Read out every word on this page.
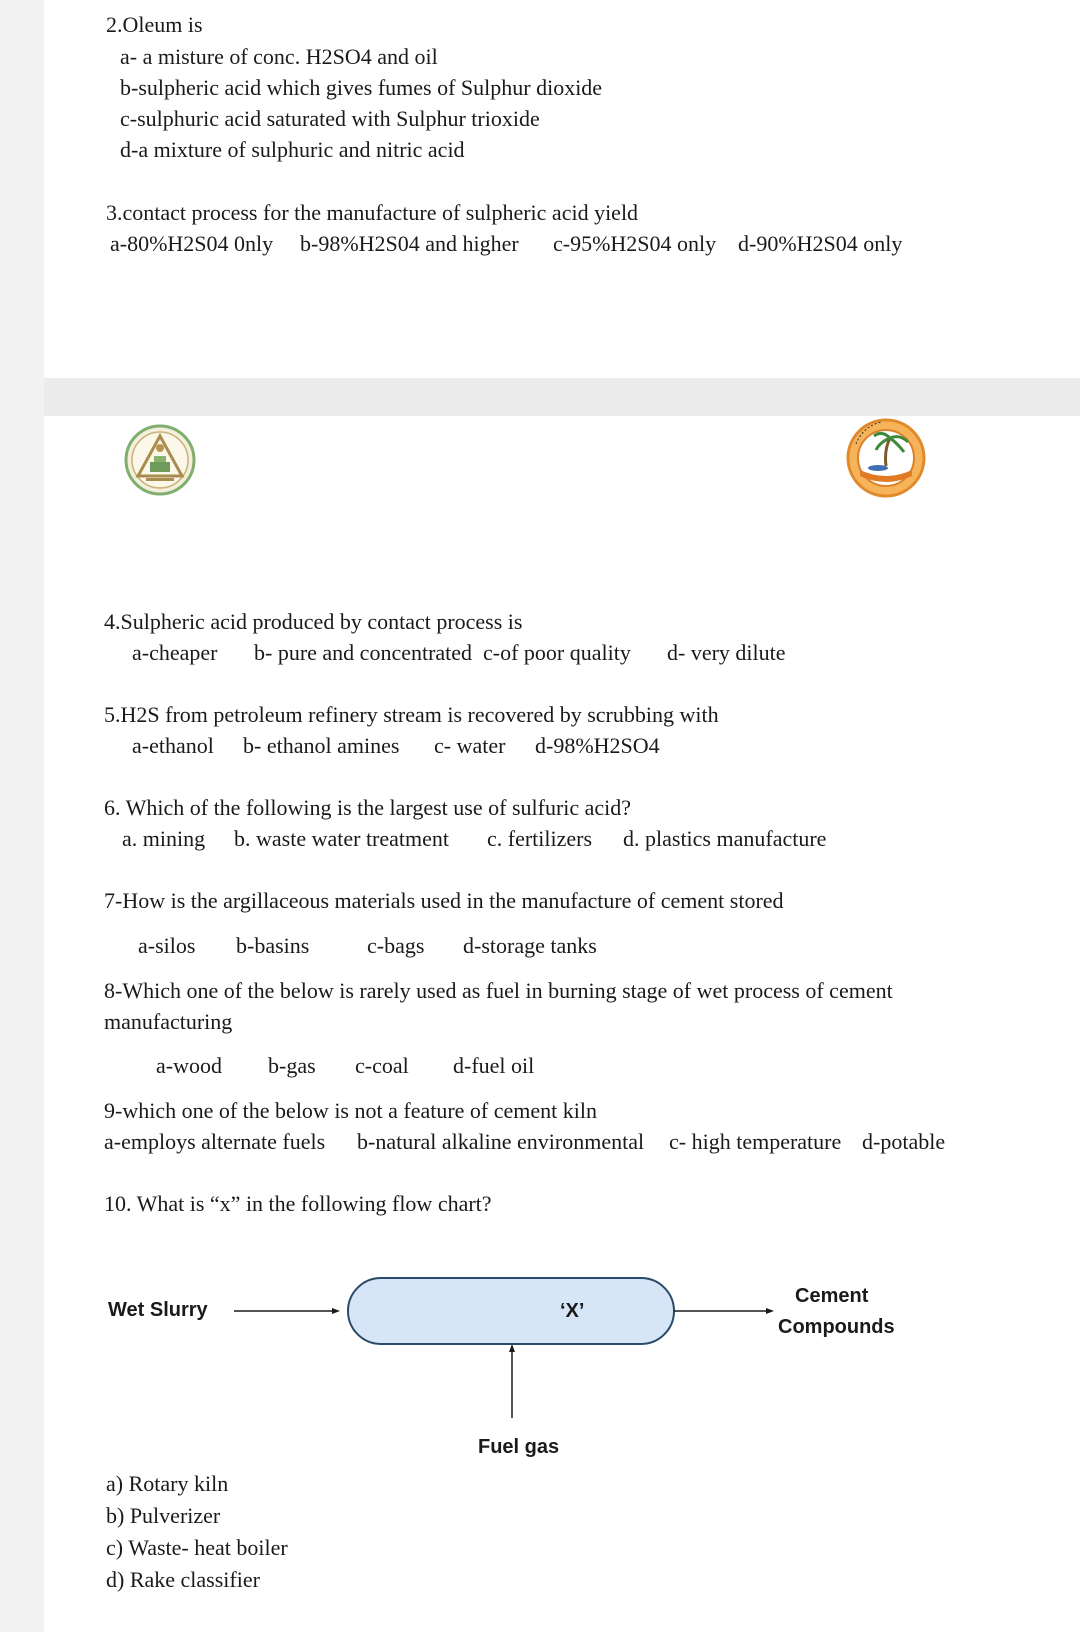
2.Oleum is
a- a misture of conc. H2SO4 and oil
b-sulpheric acid which gives fumes of Sulphur dioxide
c-sulphuric acid saturated with Sulphur trioxide
d-a mixture of sulphuric and nitric acid
3.contact process for the manufacture of sulpheric acid yield
a-80%H2S04 0nly b-98%H2S04 and higher c-95%H2S04 only d-90%H2S04 only
4.Sulpheric acid produced by contact process is
a-cheaper b- pure and concentrated c-of poor quality d- very dilute
5.H2S from petroleum refinery stream is recovered by scrubbing with
a-ethanol b- ethanol amines c- water d-98%H2SO4
6. Which of the following is the largest use of sulfuric acid?
a. mining b. waste water treatment c. fertilizers d. plastics manufacture
7-How is the argillaceous materials used in the manufacture of cement stored
a-silos b-basins	c-bags d-storage tanks
8-Which one of the below is rarely used as fuel in burning stage of wet process of cement
manufacturing
a-wood b-gas c-coal d-fuel oil
9-which one of the below is not a feature of cement kiln
a-employs alternate fuels b-natural alkaline environmental c- high temperature d-potable
10. What is “x” in the following flow chart?
Wet Slurry	‘X’
Cement
Compounds
Fuel gas
a) Rotary kiln
b) Pulverizer
c) Waste- heat boiler
d) Rake classifier
